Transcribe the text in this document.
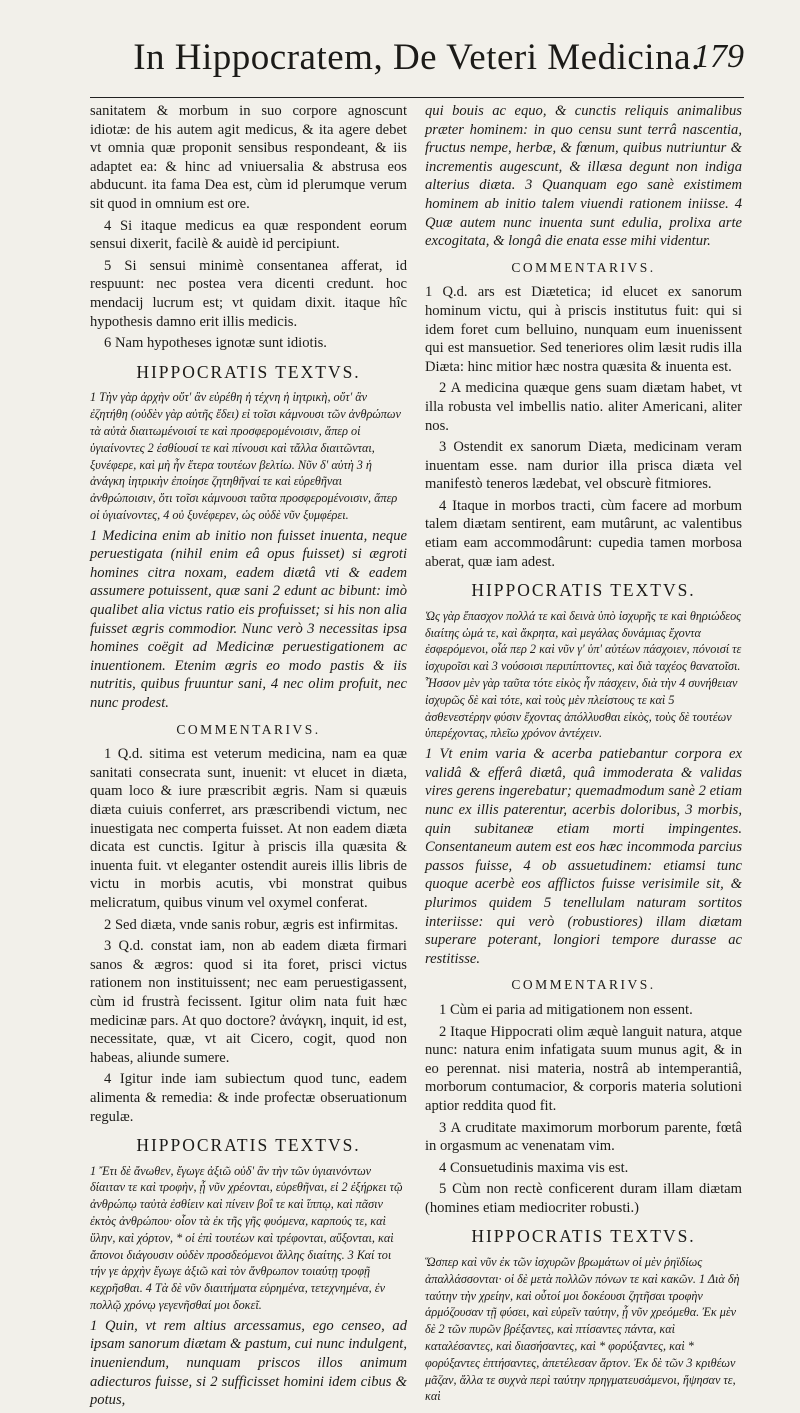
In Hippocratem, De Veteri Medicina.
179

sanitatem & morbum in suo corpore agnoscunt idiotæ: de his autem agit medicus, & ita agere debet vt omnia quæ proponit sensibus respondeant, & iis adaptet ea: & hinc ad vniuersalia & abstrusa eos abducunt. ita fama Dea est, cùm id plerumque verum sit quod in omnium est ore.

4 Si itaque medicus ea quæ respondent eorum sensui dixerit, facilè & auidè id percipiunt.

5 Si sensui minimè consentanea afferat, id respuunt: nec postea vera dicenti credunt. hoc mendacij lucrum est; vt quidam dixit. itaque hîc hypothesis damno erit illis medicis.

6 Nam hypotheses ignotæ sunt idiotis.

HIPPOCRATIS TEXTVS.

1 Τὴν γὰρ ἀρχὴν οὔτ' ἂν εὑρέθη ἡ τέχνη ἡ ἰητρικὴ, οὔτ' ἂν ἐζητήθη (οὐδὲν γὰρ αὐτῆς ἔδει) εἰ τοῖσι κάμνουσι τῶν ἀνθρώπων τὰ αὐτὰ διαιτωμένοισί τε καὶ προσφερομένοισιν, ἅπερ οἱ ὑγιαίνοντες 2 ἐσθίουσί τε καὶ πίνουσι καὶ τἄλλα διαιτῶνται, ξυνέφερε, καὶ μὴ ἦν ἕτερα τουτέων βελτίω. Νῦν δ' αὐτὴ 3 ἡ ἀνάγκη ἰητρικὴν ἐποίησε ζητηθῆναί τε καὶ εὑρεθῆναι ἀνθρώποισιν, ὅτι τοῖσι κάμνουσι ταῦτα προσφερομένοισιν, ἅπερ οἱ ὑγιαίνοντες, 4 οὐ ξυνέφερεν, ὡς οὐδὲ νῦν ξυμφέρει.

1 Medicina enim ab initio non fuisset inuenta, neque peruestigata (nihil enim eâ opus fuisset) si ægroti homines citra noxam, eadem diætâ vti & eadem assumere potuissent, quæ sani 2 edunt ac bibunt: imò qualibet alia victus ratio eis profuisset; si his non alia fuisset ægris commodior. Nunc verò 3 necessitas ipsa homines coëgit ad Medicinæ peruestigationem ac inuentionem. Etenim ægris eo modo pastis & iis nutritis, quibus fruuntur sani, 4 nec olim profuit, nec nunc prodest.

COMMENTARIVS.

1 Q.d. sitima est veterum medicina, nam ea quæ sanitati consecrata sunt, inuenit: vt elucet in diæta, quam loco & iure præscribit ægris. Nam si quæuis diæta cuiuis conferret, ars præscribendi victum, nec inuestigata nec comperta fuisset. At non eadem diæta dicata est cunctis. Igitur à priscis illa quæsita & inuenta fuit. vt eleganter ostendit aureis illis libris de victu in morbis acutis, vbi monstrat quibus melicratum, quibus vinum vel oxymel conferat.

2 Sed diæta, vnde sanis robur, ægris est infirmitas.

3 Q.d. constat iam, non ab eadem diæta firmari sanos & ægros: quod si ita foret, prisci victus rationem non instituissent; nec eam peruestigassent, cùm id frustrà fecissent. Igitur olim nata fuit hæc medicinæ pars. At quo doctore? ἀνάγκη, inquit, id est, necessitate, quæ, vt ait Cicero, cogit, quod non habeas, aliunde sumere.

4 Igitur inde iam subiectum quod tunc, eadem alimenta & remedia: & inde profectæ obseruationum regulæ.

HIPPOCRATIS TEXTVS.

1 Ἔτι δὲ ἄνωθεν, ἔγωγε ἀξιῶ οὐδ' ἂν τὴν τῶν ὑγιαινόντων δίαιταν τε καὶ τροφὴν, ᾗ νῦν χρέονται, εὑρεθῆναι, εἰ 2 ἐξήρκει τῷ ἀνθρώπῳ ταὐτὰ ἐσθίειν καὶ πίνειν βοΐ τε καὶ ἵππῳ, καὶ πᾶσιν ἐκτὸς ἀνθρώπου· οἷον τὰ ἐκ τῆς γῆς φυόμενα, καρπούς τε, καὶ ὕλην, καὶ χόρτον, * οἱ ἐπὶ τουτέων καὶ τρέφονται, αὔξονται, καὶ ἄπονοι διάγουσιν οὐδὲν προσδεόμενοι ἄλλης διαίτης. 3 Καί τοι τήν γε ἀρχὴν ἔγωγε ἀξιῶ καὶ τὸν ἄνθρωπον τοιαύτῃ τροφῇ κεχρῆσθαι. 4 Τὰ δὲ νῦν διαιτήματα εὑρημένα, τετεχνημένα, ἐν πολλῷ χρόνῳ γεγενῆσθαί μοι δοκεῖ.

1 Quin, vt rem altius arcessamus, ego censeo, ad ipsam sanorum diætam & pastum, cui nunc indulgent, inueniendum, nunquam priscos illos animum adiecturos fuisse, si 2 sufficisset homini idem cibus & potus,

qui bouis ac equo, & cunctis reliquis animalibus præter hominem: in quo censu sunt terrâ nascentia, fructus nempe, herbæ, & fœnum, quibus nutriuntur & incrementis augescunt, & illæsa degunt non indiga alterius diæta. 3 Quanquam ego sanè existimem hominem ab initio talem viuendi rationem iniisse. 4 Quæ autem nunc inuenta sunt edulia, prolixa arte excogitata, & longâ die enata esse mihi videntur.

COMMENTARIVS.

1 Q.d. ars est Diætetica; id elucet ex sanorum hominum victu, qui à priscis institutus fuit: qui si idem foret cum belluino, nunquam eum inuenissent qui est mansuetior. Sed teneriores olim læsit rudis illa Diæta: hinc mitior hæc nostra quæsita & inuenta est.

2 A medicina quæque gens suam diætam habet, vt illa robusta vel imbellis natio. aliter Americani, aliter nos.

3 Ostendit ex sanorum Diæta, medicinam veram inuentam esse. nam durior illa prisca diæta vel manifestò teneros lædebat, vel obscurè fitmiores.

4 Itaque in morbos tracti, cùm facere ad morbum talem diætam sentirent, eam mutârunt, ac valentibus etiam eam accommodârunt: cupedia tamen morbosa aberat, quæ iam adest.

HIPPOCRATIS TEXTVS.

Ὡς γὰρ ἔπασχον πολλά τε καὶ δεινὰ ὑπὸ ἰσχυρῆς τε καὶ θηριώδεος διαίτης ὠμά τε, καὶ ἄκρητα, καὶ μεγάλας δυνάμιας ἔχοντα ἐσφερόμενοι, οἷά περ 2 καὶ νῦν γ' ὑπ' αὐτέων πάσχοιεν, πόνοισί τε ἰσχυροῖσι καὶ 3 νούσοισι περιπίπτοντες, καὶ διὰ ταχέος θανατοῖσι. Ἧσσον μὲν γὰρ ταῦτα τότε εἰκὸς ἦν πάσχειν, διὰ τὴν 4 συνήθειαν ἰσχυρῶς δὲ καὶ τότε, καὶ τοὺς μὲν πλείστους τε καὶ 5 ἀσθενεστέρην φύσιν ἔχοντας ἀπόλλυσθαι εἰκὸς, τοὺς δὲ τουτέων ὑπερέχοντας, πλεῖω χρόνον ἀντέχειν.

1 Vt enim varia & acerba patiebantur corpora ex validâ & efferâ diætâ, quâ immoderata & validas vires gerens ingerebatur; quemadmodum sanè 2 etiam nunc ex illis paterentur, acerbis doloribus, 3 morbis, quin subitaneæ etiam morti impingentes. Consentaneum autem est eos hæc incommoda parcius passos fuisse, 4 ob assuetudinem: etiamsi tunc quoque acerbè eos afflictos fuisse verisimile sit, & plurimos quidem 5 tenellulam naturam sortitos interiisse: qui verò (robustiores) illam diætam superare poterant, longiori tempore durasse ac restitisse.

COMMENTARIVS.

1 Cùm ei paria ad mitigationem non essent.

2 Itaque Hippocrati olim æquè languit natura, atque nunc: natura enim infatigata suum munus agit, & in eo perennat. nisi materia, nostrâ ab intemperantiâ, morborum contumacior, & corporis materia solutioni aptior reddita quod fit.

3 A cruditate maximorum morborum parente, fœtâ in orgasmum ac venenatam vim.

4 Consuetudinis maxima vis est.

5 Cùm non rectè conficerent duram illam diætam (homines etiam mediocriter robusti.)

HIPPOCRATIS TEXTVS.

Ὥσπερ καὶ νῦν ἐκ τῶν ἰσχυρῶν βρωμάτων οἱ μὲν ῥηϊδίως ἀπαλλάσσονται· οἱ δὲ μετὰ πολλῶν πόνων τε καὶ κακῶν. 1 Διὰ δὴ ταύτην τὴν χρείην, καὶ οὗτοί μοι δοκέουσι ζητῆσαι τροφὴν ἁρμόζουσαν τῇ φύσει, καὶ εὑρεῖν ταύτην, ᾗ νῦν χρεόμεθα. Ἐκ μὲν δὲ 2 τῶν πυρῶν βρέξαντες, καὶ πτίσαντες πάντα, καὶ καταλέσαντες, καὶ διασήσαντες, καὶ * φορύξαντες, καὶ * φορύξαντες ἐπτήσαντες, ἀπετέλεσαν ἄρτον. Ἐκ δὲ τῶν 3 κριθέων μᾶζαν, ἄλλα τε συχνὰ περὶ ταύτην πρηγματευσάμενοι, ἥψησαν τε, καὶ
